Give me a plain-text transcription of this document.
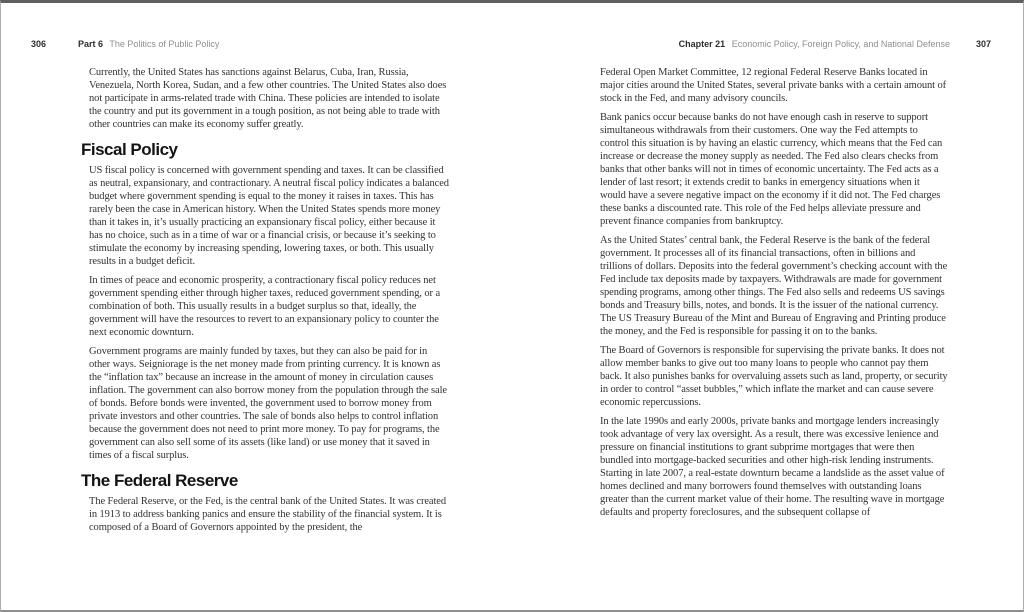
306	Part 6 The Politics of Public Policy	Chapter 21 Economic Policy, Foreign Policy, and National Defense	307

Currently, the United States has sanctions against Belarus, Cuba, Iran, Russia, Venezuela, North Korea, Sudan, and a few other countries. The United States also does not participate in arms-related trade with China. These policies are intended to isolate the country and put its government in a tough position, as not being able to trade with other countries can make its economy suffer greatly.

Fiscal Policy

US fiscal policy is concerned with government spending and taxes. It can be classified as neutral, expansionary, and contractionary. A neutral fiscal policy indicates a balanced budget where government spending is equal to the money it raises in taxes. This has rarely been the case in American history. When the United States spends more money than it takes in, it’s usually practicing an expansionary fiscal policy, either because it has no choice, such as in a time of war or a financial crisis, or because it’s seeking to stimulate the economy by increasing spending, lowering taxes, or both. This usually results in a budget deficit.

In times of peace and economic prosperity, a contractionary fiscal policy reduces net government spending either through higher taxes, reduced government spending, or a combination of both. This usually results in a budget surplus so that, ideally, the government will have the resources to revert to an expansionary policy to counter the next economic downturn.

Government programs are mainly funded by taxes, but they can also be paid for in other ways. Seigniorage is the net money made from printing currency. It is known as the “inflation tax” because an increase in the amount of money in circulation causes inflation. The government can also borrow money from the population through the sale of bonds. Before bonds were invented, the government used to borrow money from private investors and other countries. The sale of bonds also helps to control inflation because the government does not need to print more money. To pay for programs, the government can also sell some of its assets (like land) or use money that it saved in times of a fiscal surplus.

The Federal Reserve

The Federal Reserve, or the Fed, is the central bank of the United States. It was created in 1913 to address banking panics and ensure the stability of the financial system. It is composed of a Board of Governors appointed by the president, the

Federal Open Market Committee, 12 regional Federal Reserve Banks located in major cities around the United States, several private banks with a certain amount of stock in the Fed, and many advisory councils.

Bank panics occur because banks do not have enough cash in reserve to support simultaneous withdrawals from their customers. One way the Fed attempts to control this situation is by having an elastic currency, which means that the Fed can increase or decrease the money supply as needed. The Fed also clears checks from banks that other banks will not in times of economic uncertainty. The Fed acts as a lender of last resort; it extends credit to banks in emergency situations when it would have a severe negative impact on the economy if it did not. The Fed charges these banks a discounted rate. This role of the Fed helps alleviate pressure and prevent finance companies from bankruptcy.

As the United States’ central bank, the Federal Reserve is the bank of the federal government. It processes all of its financial transactions, often in billions and trillions of dollars. Deposits into the federal government’s checking account with the Fed include tax deposits made by taxpayers. Withdrawals are made for government spending programs, among other things. The Fed also sells and redeems US savings bonds and Treasury bills, notes, and bonds. It is the issuer of the national currency. The US Treasury Bureau of the Mint and Bureau of Engraving and Printing produce the money, and the Fed is responsible for passing it on to the banks.

The Board of Governors is responsible for supervising the private banks. It does not allow member banks to give out too many loans to people who cannot pay them back. It also punishes banks for overvaluing assets such as land, property, or security in order to control “asset bubbles,” which inflate the market and can cause severe economic repercussions.

In the late 1990s and early 2000s, private banks and mortgage lenders increasingly took advantage of very lax oversight. As a result, there was excessive lenience and pressure on financial institutions to grant subprime mortgages that were then bundled into mortgage-backed securities and other high-risk lending instruments. Starting in late 2007, a real-estate downturn became a landslide as the asset value of homes declined and many borrowers found themselves with outstanding loans greater than the current market value of their home. The resulting wave in mortgage defaults and property foreclosures, and the subsequent collapse of
